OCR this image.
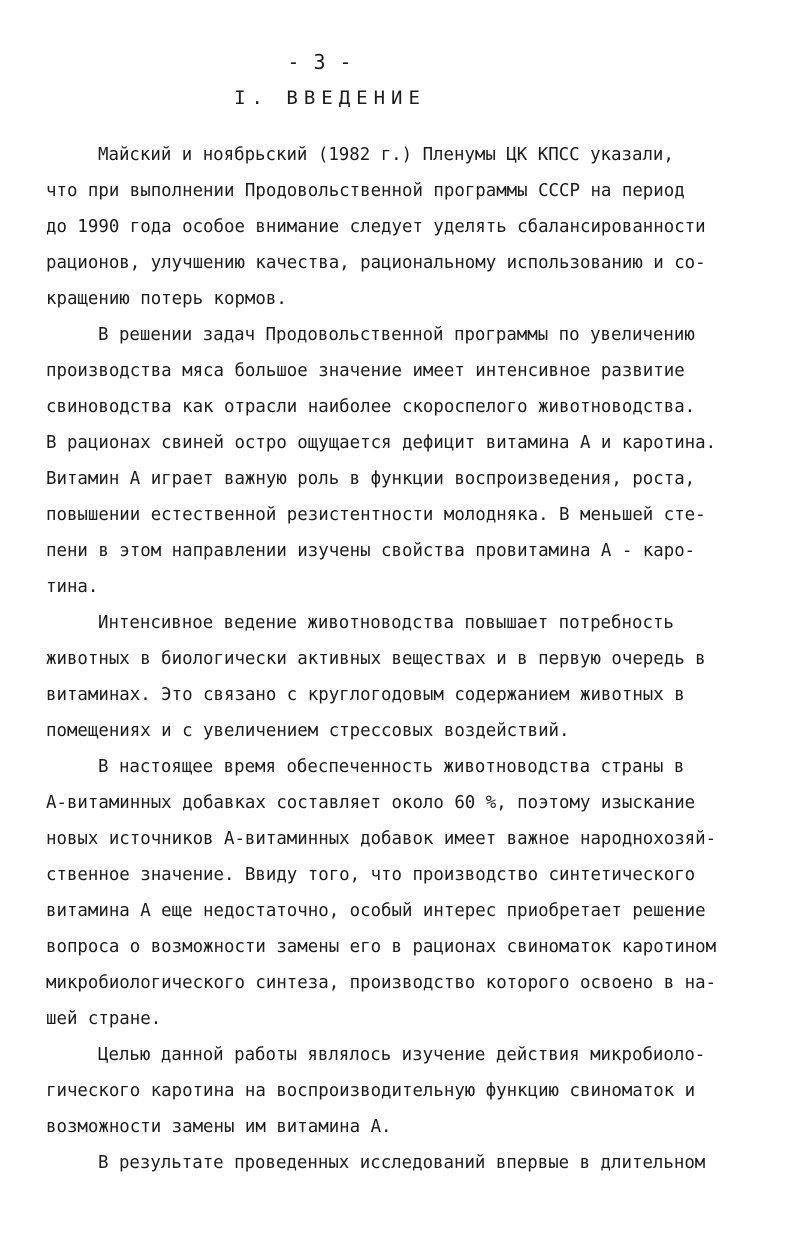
- 3 -
I. ВВЕДЕНИЕ
Майский и ноябрьский (1982 г.) Пленумы ЦК КПСС указали,
что при выполнении Продовольственной программы СССР на период
до 1990 года особое внимание следует уделять сбалансированности
рационов, улучшению качества, рациональному использованию и со-
кращению потерь кормов.
В решении задач Продовольственной программы по увеличению
производства мяса большое значение имеет интенсивное развитие
свиноводства как отрасли наиболее скороспелого животноводства.
В рационах свиней остро ощущается дефицит витамина А и каротина.
Витамин А играет важную роль в функции воспроизведения, роста,
повышении естественной резистентности молодняка. В меньшей сте-
пени в этом направлении изучены свойства провитамина А - каро-
тина.
Интенсивное ведение животноводства повышает потребность
животных в биологически активных веществах и в первую очередь в
витаминах. Это связано с круглогодовым содержанием животных в
помещениях и с увеличением стрессовых воздействий.
В настоящее время обеспеченность животноводства страны в
А-витаминных добавках составляет около 60 %, поэтому изыскание
новых источников А-витаминных добавок имеет важное народнохозяй-
ственное значение. Ввиду того, что производство синтетического
витамина А еще недостаточно, особый интерес приобретает решение
вопроса о возможности замены его в рационах свиноматок каротином
микробиологического синтеза, производство которого освоено в на-
шей стране.
Целью данной работы являлось изучение действия микробиоло-
гического каротина на воспроизводительную функцию свиноматок и
возможности замены им витамина А.
В результате проведенных исследований впервые в длительном
